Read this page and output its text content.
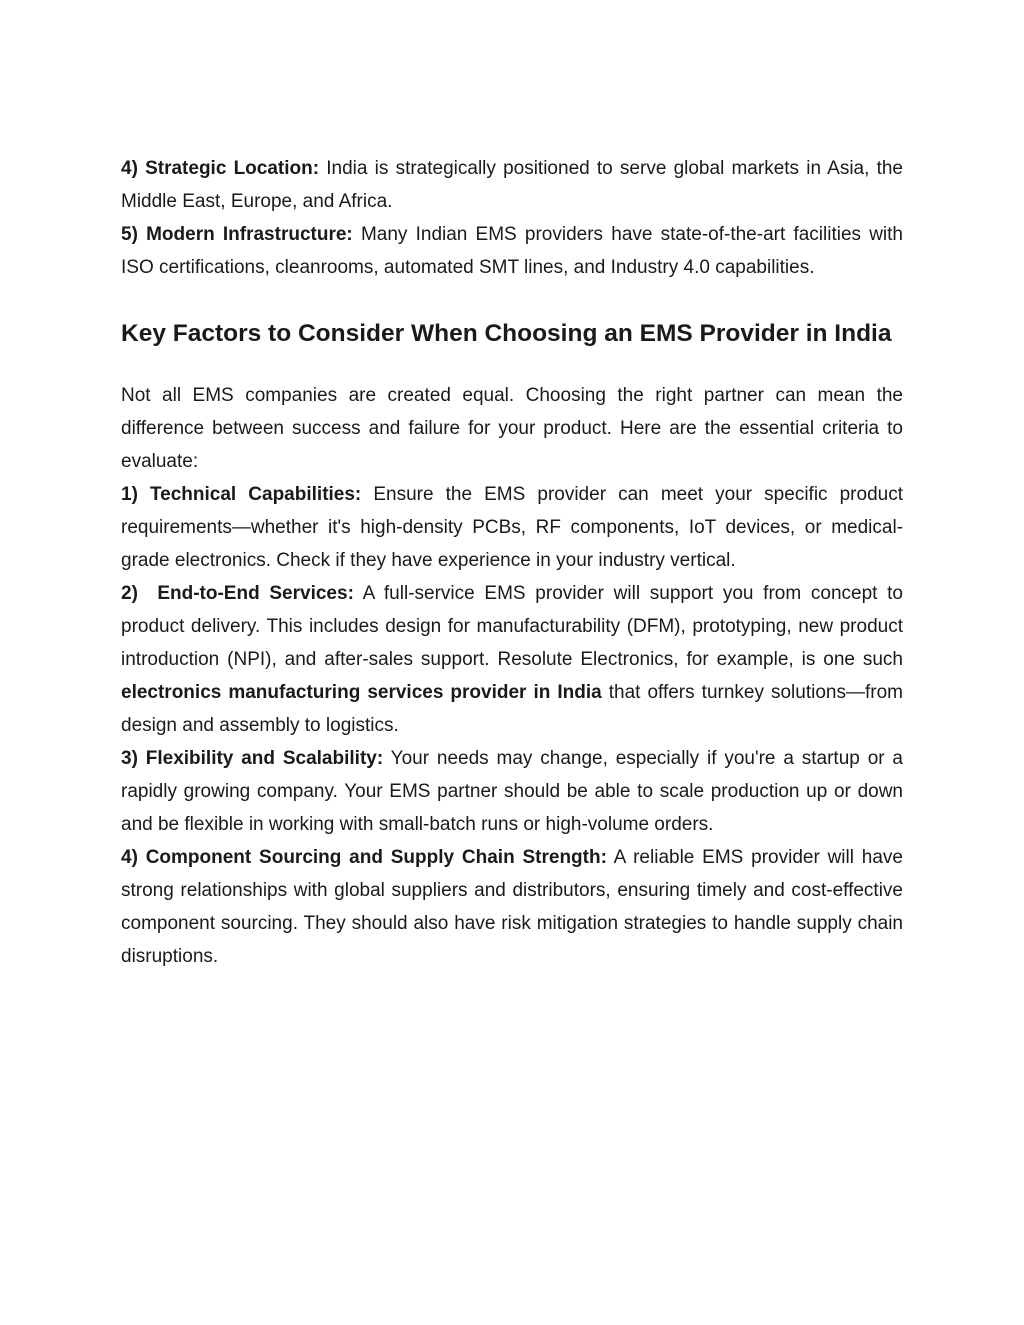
4) Strategic Location: India is strategically positioned to serve global markets in Asia, the Middle East, Europe, and Africa.

5) Modern Infrastructure: Many Indian EMS providers have state-of-the-art facilities with ISO certifications, cleanrooms, automated SMT lines, and Industry 4.0 capabilities.

Key Factors to Consider When Choosing an EMS Provider in India

Not all EMS companies are created equal. Choosing the right partner can mean the difference between success and failure for your product. Here are the essential criteria to evaluate:

1) Technical Capabilities: Ensure the EMS provider can meet your specific product requirements—whether it's high-density PCBs, RF components, IoT devices, or medical-grade electronics. Check if they have experience in your industry vertical.

2)  End-to-End Services: A full-service EMS provider will support you from concept to product delivery. This includes design for manufacturability (DFM), prototyping, new product introduction (NPI), and after-sales support. Resolute Electronics, for example, is one such electronics manufacturing services provider in India that offers turnkey solutions—from design and assembly to logistics.

3) Flexibility and Scalability: Your needs may change, especially if you're a startup or a rapidly growing company. Your EMS partner should be able to scale production up or down and be flexible in working with small-batch runs or high-volume orders.

4) Component Sourcing and Supply Chain Strength: A reliable EMS provider will have strong relationships with global suppliers and distributors, ensuring timely and cost-effective component sourcing. They should also have risk mitigation strategies to handle supply chain disruptions.
